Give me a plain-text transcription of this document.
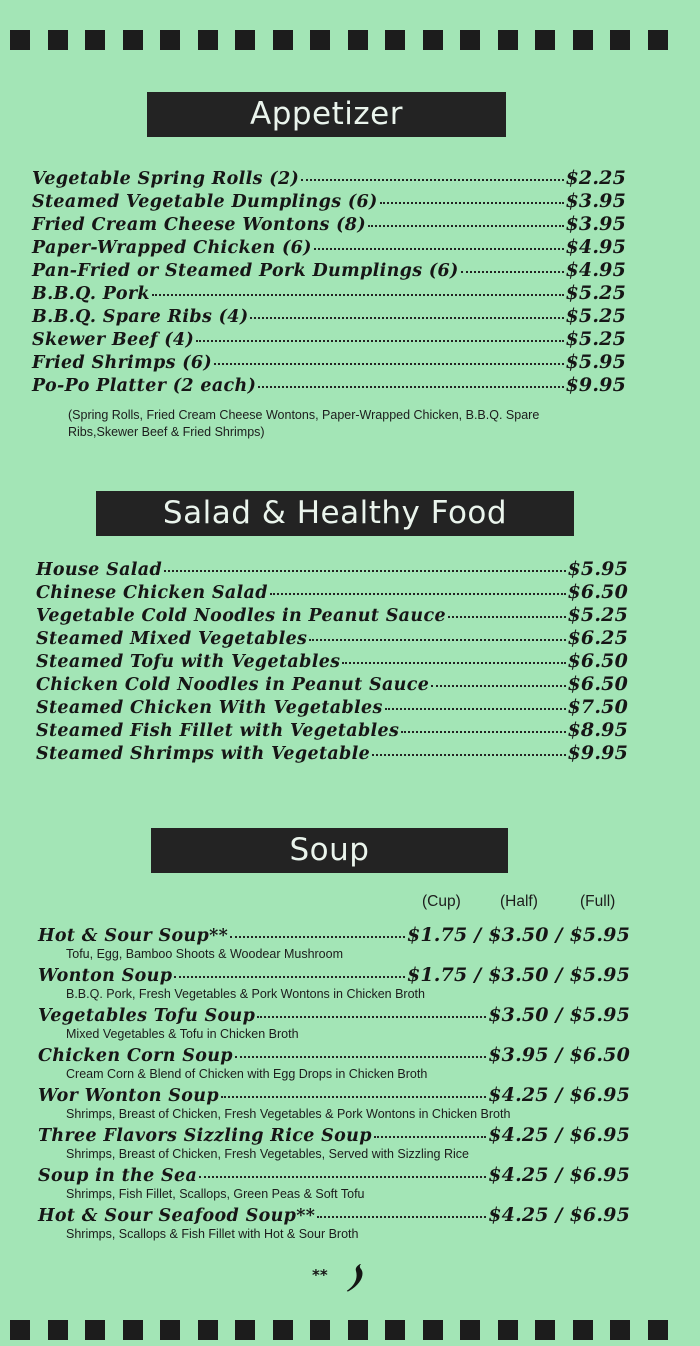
Appetizer
Vegetable Spring Rolls (2)	$2.25
Steamed Vegetable Dumplings (6)	$3.95
Fried Cream Cheese Wontons (8)	$3.95
Paper-Wrapped Chicken (6)	$4.95
Pan-Fried or Steamed Pork Dumplings (6)	$4.95
B.B.Q. Pork	$5.25
B.B.Q. Spare Ribs (4)	$5.25
Skewer Beef (4)	$5.25
Fried Shrimps (6)	$5.95
Po-Po Platter (2 each)	$9.95
(Spring Rolls, Fried Cream Cheese Wontons, Paper-Wrapped Chicken, B.B.Q. Spare Ribs,Skewer Beef & Fried Shrimps)
Salad & Healthy Food
House Salad	$5.95
Chinese Chicken Salad	$6.50
Vegetable Cold Noodles in Peanut Sauce	$5.25
Steamed Mixed Vegetables	$6.25
Steamed Tofu with Vegetables	$6.50
Chicken Cold Noodles in Peanut Sauce	$6.50
Steamed Chicken With Vegetables	$7.50
Steamed Fish Fillet with Vegetables	$8.95
Steamed Shrimps with Vegetable	$9.95
Soup
(Cup)	(Half)	(Full)
Hot & Sour Soup**	$1.75 / $3.50 / $5.95
Tofu, Egg, Bamboo Shoots & Woodear Mushroom
Wonton Soup	$1.75 / $3.50 / $5.95
B.B.Q. Pork, Fresh Vegetables & Pork Wontons in Chicken Broth
Vegetables Tofu Soup	$3.50 / $5.95
Mixed Vegetables & Tofu in Chicken Broth
Chicken Corn Soup	$3.95 / $6.50
Cream Corn & Blend of Chicken with Egg Drops in Chicken Broth
Wor Wonton Soup	$4.25 / $6.95
Shrimps, Breast of Chicken, Fresh Vegetables & Pork Wontons in Chicken Broth
Three Flavors Sizzling Rice Soup	$4.25 / $6.95
Shrimps, Breast of Chicken, Fresh Vegetables, Served with Sizzling Rice
Soup in the Sea	$4.25 / $6.95
Shrimps, Fish Fillet, Scallops, Green Peas & Soft Tofu
Hot & Sour Seafood Soup**	$4.25 / $6.95
Shrimps, Scallops & Fish Fillet with Hot & Sour Broth
**
